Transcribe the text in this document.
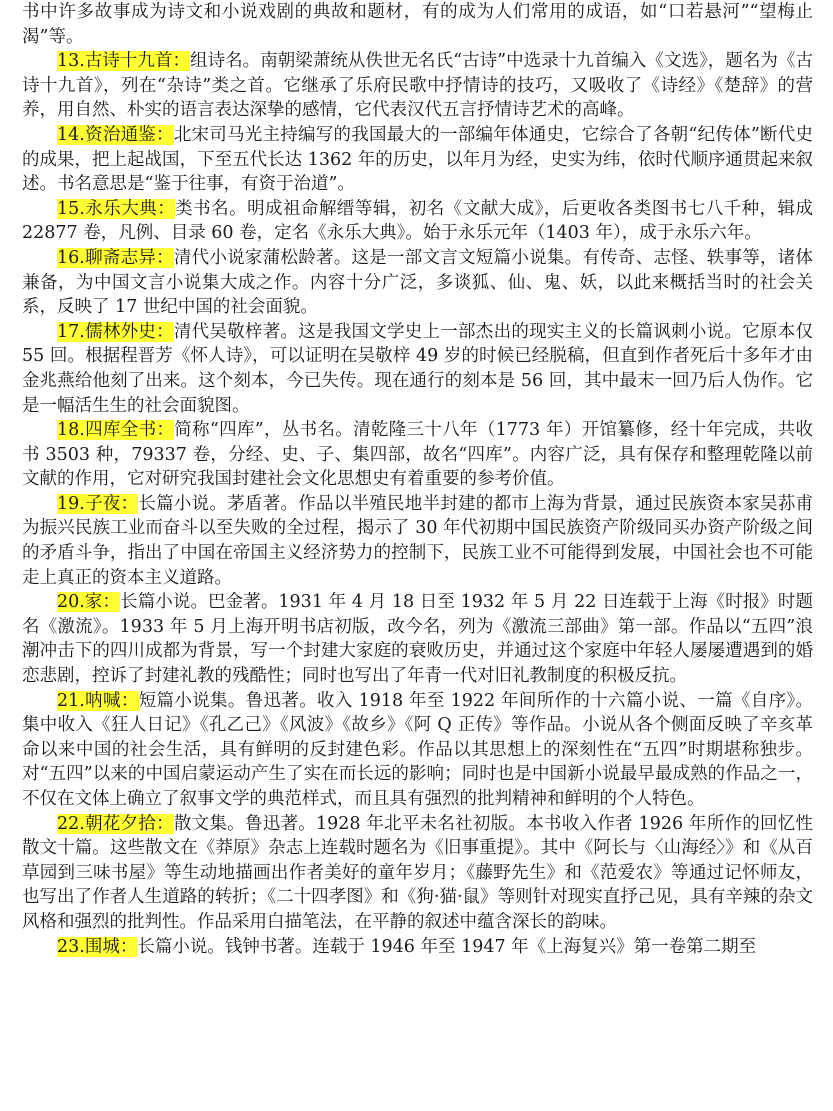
书中许多故事成为诗文和小说戏剧的典故和题材，有的成为人们常用的成语，如“口若悬河”“望梅止渴”等。

13.古诗十九首：组诗名。南朝梁萧统从佚世无名氏“古诗”中选录十九首编入《文选》，题名为《古诗十九首》，列在“杂诗”类之首。它继承了乐府民歌中抒情诗的技巧，又吸收了《诗经》《楚辞》的营养，用自然、朴实的语言表达深挚的感情，它代表汉代五言抒情诗艺术的高峰。

14.资治通鉴：北宋司马光主持编写的我国最大的一部编年体通史，它综合了各朝“纪传体”断代史的成果，把上起战国，下至五代长达 1362 年的历史，以年月为经，史实为纬，依时代顺序通贯起来叙述。书名意思是“鉴于往事，有资于治道”。

15.永乐大典：类书名。明成祖命解缙等辑，初名《文献大成》，后更收各类图书七八千种，辑成 22877 卷，凡例、目录 60 卷，定名《永乐大典》。始于永乐元年（1403 年），成于永乐六年。

16.聊斋志异：清代小说家蒲松龄著。这是一部文言文短篇小说集。有传奇、志怪、轶事等，诸体兼备，为中国文言小说集大成之作。内容十分广泛，多谈狐、仙、鬼、妖，以此来概括当时的社会关系，反映了 17 世纪中国的社会面貌。

17.儒林外史：清代吴敬梓著。这是我国文学史上一部杰出的现实主义的长篇讽刺小说。它原本仅 55 回。根据程晋芳《怀人诗》，可以证明在吴敬梓 49 岁的时候已经脱稿，但直到作者死后十多年才由金兆燕给他刻了出来。这个刻本，今已失传。现在通行的刻本是 56 回，其中最末一回乃后人伪作。它是一幅活生生的社会面貌图。

18.四库全书：简称“四库”，丛书名。清乾隆三十八年（1773 年）开馆纂修，经十年完成，共收书 3503 种，79337 卷，分经、史、子、集四部，故名“四库”。内容广泛，具有保存和整理乾隆以前文献的作用，它对研究我国封建社会文化思想史有着重要的参考价值。

19.子夜：长篇小说。茅盾著。作品以半殖民地半封建的都市上海为背景，通过民族资本家吴荪甫为振兴民族工业而奋斗以至失败的全过程，揭示了 30 年代初期中国民族资产阶级同买办资产阶级之间的矛盾斗争，指出了中国在帝国主义经济势力的控制下，民族工业不可能得到发展，中国社会也不可能走上真正的资本主义道路。

20.家：长篇小说。巴金著。1931 年 4 月 18 日至 1932 年 5 月 22 日连载于上海《时报》时题名《激流》。1933 年 5 月上海开明书店初版，改今名，列为《激流三部曲》第一部。作品以“五四”浪潮冲击下的四川成都为背景，写一个封建大家庭的衰败历史，并通过这个家庭中年轻人屡屡遭遇到的婚恋悲剧，控诉了封建礼教的残酷性；同时也写出了年青一代对旧礼教制度的积极反抗。

21.呐喊：短篇小说集。鲁迅著。收入 1918 年至 1922 年间所作的十六篇小说、一篇《自序》。集中收入《狂人日记》《孔乙己》《风波》《故乡》《阿 Q 正传》等作品。小说从各个侧面反映了辛亥革命以来中国的社会生活，具有鲜明的反封建色彩。作品以其思想上的深刻性在“五四”时期堪称独步。对“五四”以来的中国启蒙运动产生了实在而长远的影响；同时也是中国新小说最早最成熟的作品之一，不仅在文体上确立了叙事文学的典范样式，而且具有强烈的批判精神和鲜明的个人特色。

22.朝花夕拾：散文集。鲁迅著。1928 年北平未名社初版。本书收入作者 1926 年所作的回忆性散文十篇。这些散文在《莽原》杂志上连载时题名为《旧事重提》。其中《阿长与〈山海经〉》和《从百草园到三味书屋》等生动地描画出作者美好的童年岁月；《藤野先生》和《范爱农》等通过记怀师友，也写出了作者人生道路的转折；《二十四孝图》和《狗·猫·鼠》等则针对现实直抒己见，具有辛辣的杂文风格和强烈的批判性。作品采用白描笔法，在平静的叙述中蕴含深长的韵味。

23.围城：长篇小说。钱钟书著。连载于 1946 年至 1947 年《上海复兴》第一卷第二期至
